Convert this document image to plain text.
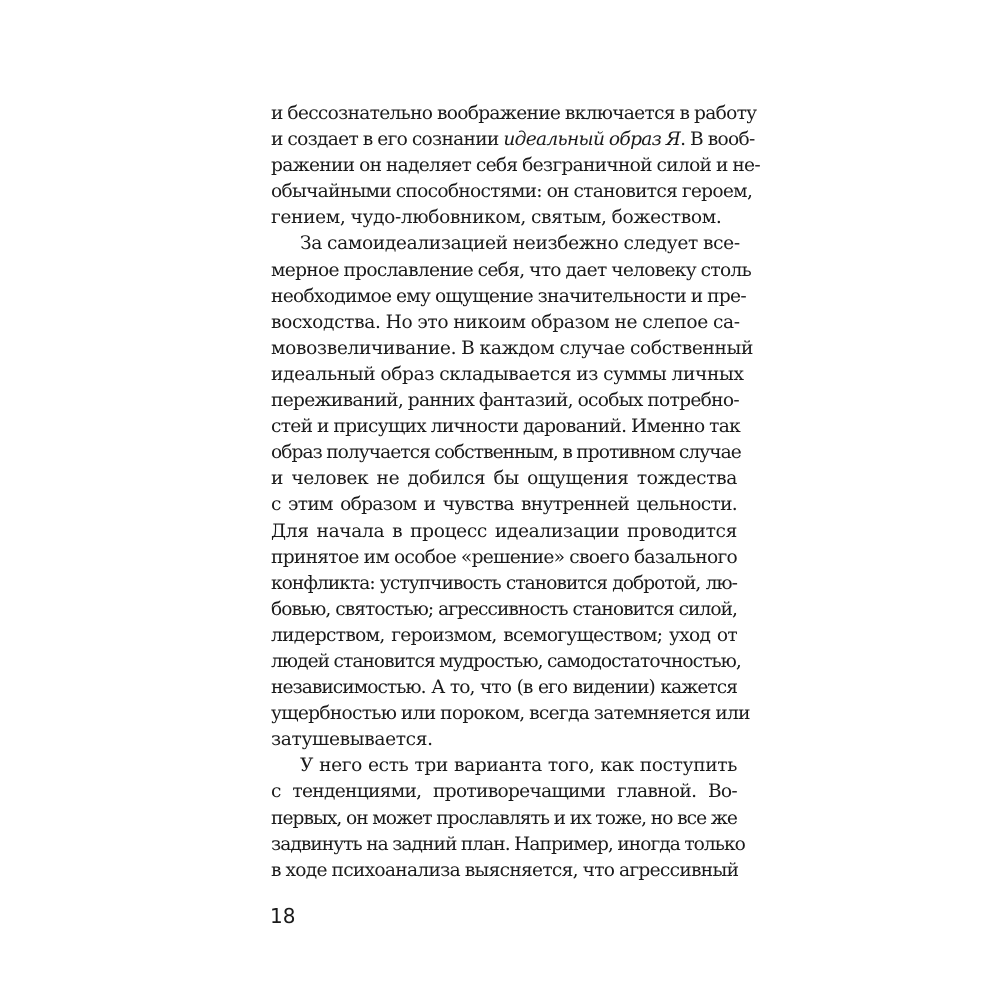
и бессознательно воображение включается в работу
и создает в его сознании идеальный образ Я. В вооб-
ражении он наделяет себя безграничной силой и не-
обычайными способностями: он становится героем,
гением, чудо-любовником, святым, божеством.
За самоидеализацией неизбежно следует все-
мерное прославление себя, что дает человеку столь
необходимое ему ощущение значительности и пре-
восходства. Но это никоим образом не слепое са-
мовозвеличивание. В каждом случае собственный
идеальный образ складывается из суммы личных
переживаний, ранних фантазий, особых потребно-
стей и присущих личности дарований. Именно так
образ получается собственным, в противном случае
и человек не добился бы ощущения тождества
с этим образом и чувства внутренней цельности.
Для начала в процесс идеализации проводится
принятое им особое «решение» своего базального
конфликта: уступчивость становится добротой, лю-
бовью, святостью; агрессивность становится силой,
лидерством, героизмом, всемогуществом; уход от
людей становится мудростью, самодостаточностью,
независимостью. А то, что (в его видении) кажется
ущербностью или пороком, всегда затемняется или
затушевывается.
У него есть три варианта того, как поступить
с тенденциями, противоречащими главной. Во-
первых, он может прославлять и их тоже, но все же
задвинуть на задний план. Например, иногда только
в ходе психоанализа выясняется, что агрессивный
18
